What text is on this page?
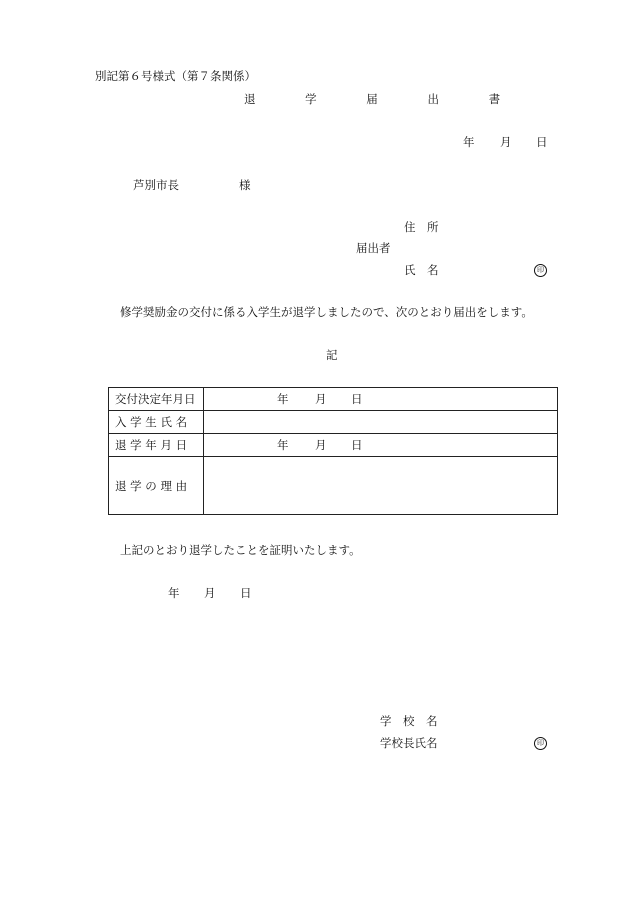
別記第６号様式（第７条関係）
退 学 届 出 書
年 月 日
芦別市長	様
住　所
届出者
氏　名	印
修学奨励金の交付に係る入学生が退学しましたので、次のとおり届出をします。
記
交付決定年月日	年 月 日

入 学 生 氏 名	
退 学 年 月 日	年 月 日

退 学 の 理 由	
上記のとおり退学したことを証明いたします。
年 月 日
学　校　名
学校長氏名	印
